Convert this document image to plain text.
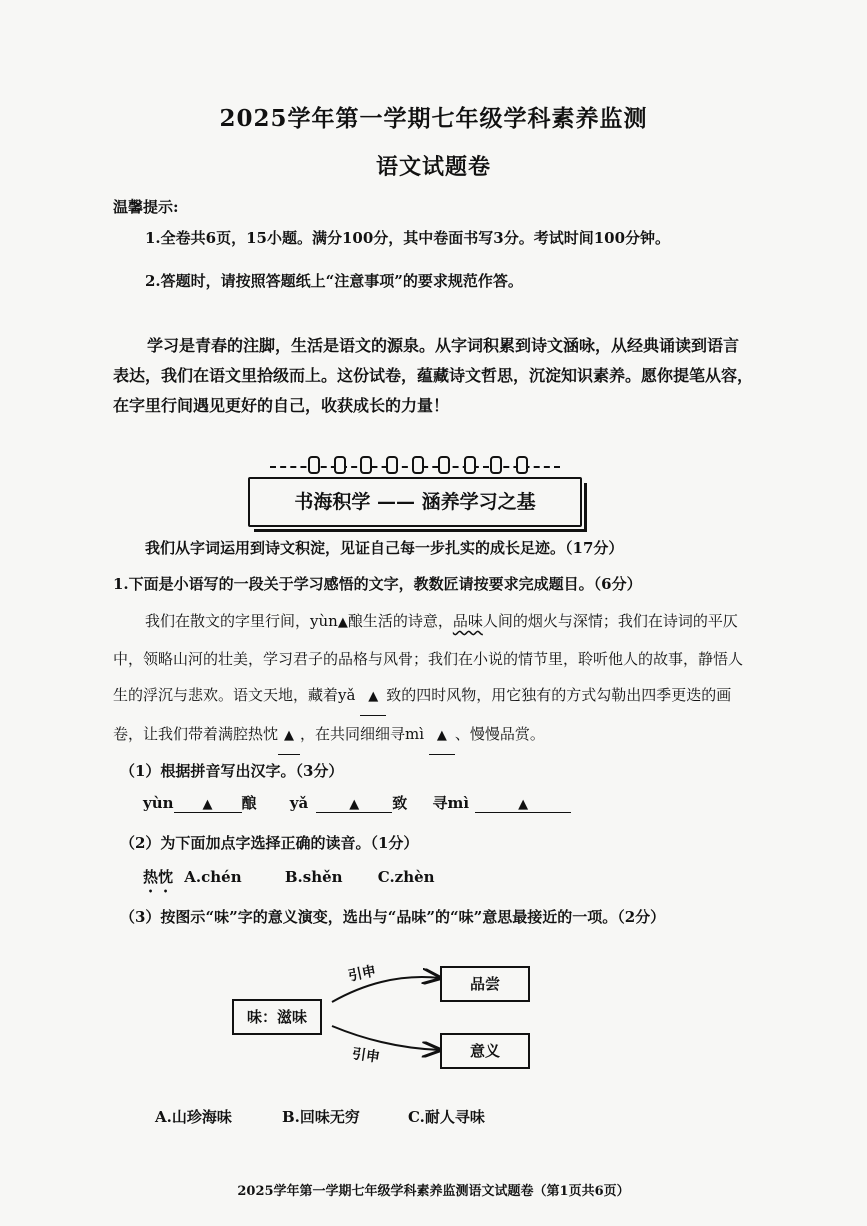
2025学年第一学期七年级学科素养监测
语文试题卷
温馨提示:
1.全卷共6页，15小题。满分100分，其中卷面书写3分。考试时间100分钟。
2.答题时，请按照答题纸上“注意事项”的要求规范作答。
学习是青春的注脚，生活是语文的源泉。从字词积累到诗文涵咏，从经典诵读到语言表达，我们在语文里拾级而上。这份试卷，蕴藏诗文哲思，沉淀知识素养。愿你提笔从容，在字里行间遇见更好的自己，收获成长的力量！
书海积学 —— 涵养学习之基
我们从字词运用到诗文积淀，见证自己每一步扎实的成长足迹。（17分）
1.下面是小语写的一段关于学习感悟的文字，教数匠请按要求完成题目。（6分）
我们在散文的字里行间，yùn▲酿生活的诗意，品味人间的烟火与深情；我们在诗词的平仄中，领略山河的壮美，学习君子的品格与风骨；我们在小说的情节里，聆听他人的故事，静悟人生的浮沉与悲欢。语文天地，藏着yǎ ▲ 致的四时风物，用它独有的方式勾勒出四季更迭的画卷，让我们带着满腔热忱 ▲ ，在共同细细寻mì ▲ 、慢慢品赏。
（1）根据拼音写出汉字。（3分）
yùn ▲ 酿 yǎ	▲ 致 寻mì	▲
（2）为下面加点字选择正确的读音。（1分）
热忱 A.chén	B.shěn C.zhèn
（3）按图示“味”字的意义演变，选出与“品味”的“味”意思最接近的一项。（2分）
味：滋味
品尝
意义
引申
引申
A.山珍海味	B.回味无穷	C.耐人寻味
2025学年第一学期七年级学科素养监测语文试题卷（第1页共6页）
